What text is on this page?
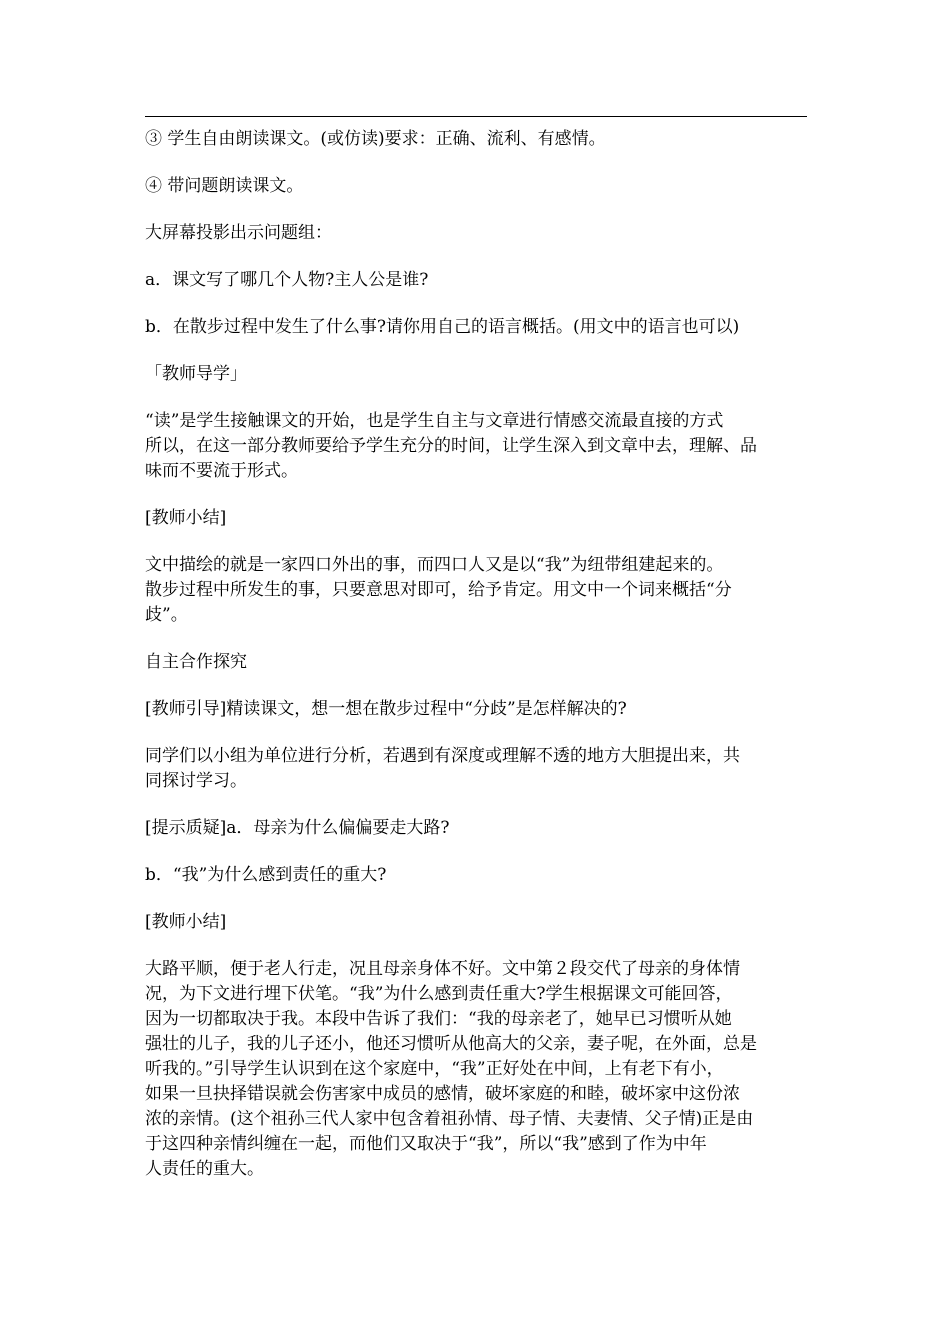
③ 学生自由朗读课文。(或仿读)要求：正确、流利、有感情。

④ 带问题朗读课文。

大屏幕投影出示问题组：

a．课文写了哪几个人物?主人公是谁?

b．在散步过程中发生了什么事?请你用自己的语言概括。(用文中的语言也可以)

「教师导学」

“读”是学生接触课文的开始，也是学生自主与文章进行情感交流最直接的方式
所以，在这一部分教师要给予学生充分的时间，让学生深入到文章中去，理解、品
味而不要流于形式。

[教师小结]

文中描绘的就是一家四口外出的事，而四口人又是以“我”为纽带组建起来的。
散步过程中所发生的事，只要意思对即可，给予肯定。用文中一个词来概括“分
歧”。

自主合作探究

[教师引导]精读课文，想一想在散步过程中“分歧”是怎样解决的?

同学们以小组为单位进行分析，若遇到有深度或理解不透的地方大胆提出来，共
同探讨学习。

[提示质疑]a．母亲为什么偏偏要走大路?

b．“我”为什么感到责任的重大?

[教师小结]

大路平顺，便于老人行走，况且母亲身体不好。文中第２段交代了母亲的身体情
况，为下文进行埋下伏笔。“我”为什么感到责任重大?学生根据课文可能回答，
因为一切都取决于我。本段中告诉了我们：“我的母亲老了，她早已习惯听从她
强壮的儿子，我的儿子还小，他还习惯听从他高大的父亲，妻子呢，在外面，总是
听我的。”引导学生认识到在这个家庭中，“我”正好处在中间，上有老下有小，
如果一旦抉择错误就会伤害家中成员的感情，破坏家庭的和睦，破坏家中这份浓
浓的亲情。(这个祖孙三代人家中包含着祖孙情、母子情、夫妻情、父子情)正是由
于这四种亲情纠缠在一起，而他们又取决于“我”，所以“我”感到了作为中年
人责任的重大。
